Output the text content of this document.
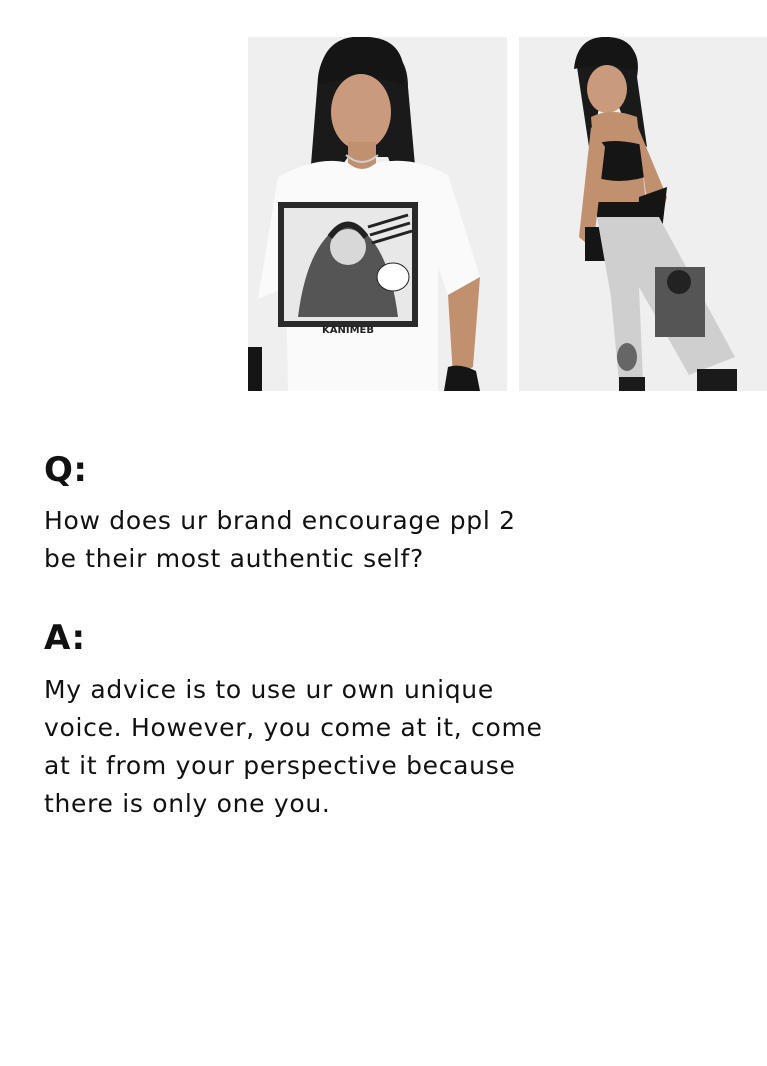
KANIMEB
Q:

How does ur brand encourage ppl 2
be their most authentic self?

A:

My advice is to use ur own unique
voice. However, you come at it, come
at it from your perspective because
there is only one you.
